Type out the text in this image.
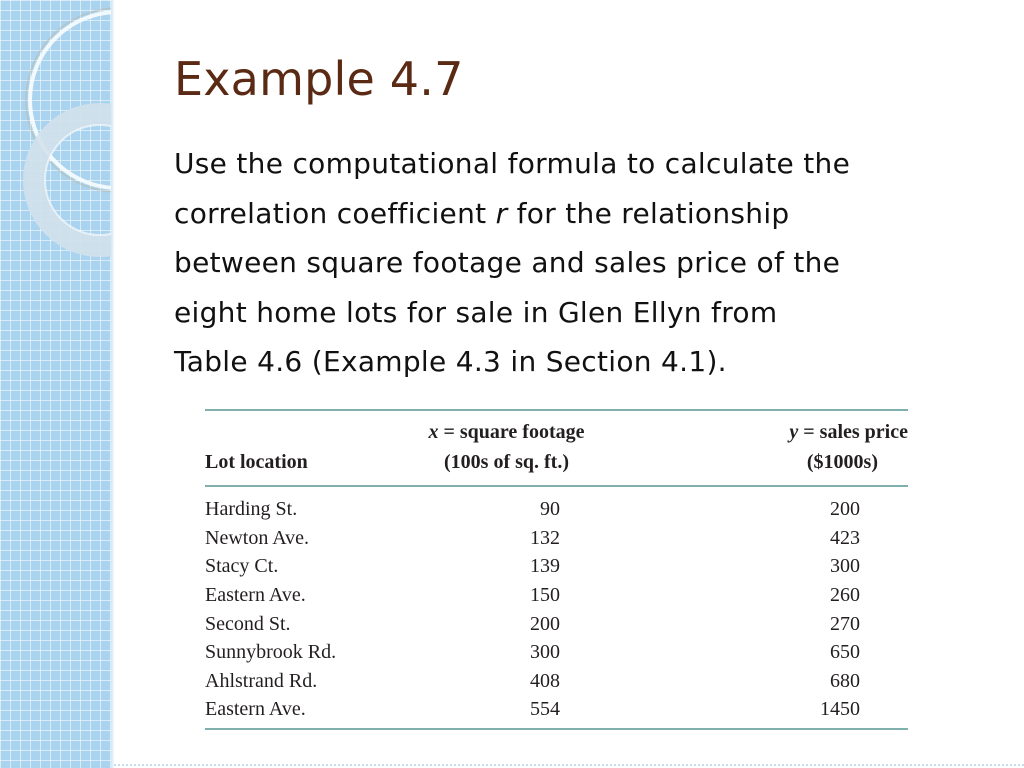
Example 4.7
Use the computational formula to calculate the
correlation coefficient r for the relationship
between square footage and sales price of the
eight home lots for sale in Glen Ellyn from
Table 4.6 (Example 4.3 in Section 4.1).
	x = square footage	y = sales price
Lot location	(100s of sq. ft.)	($1000s)
Harding St.	90	200
Newton Ave.	132	423
Stacy Ct.	139	300
Eastern Ave.	150	260
Second St.	200	270
Sunnybrook Rd.	300	650
Ahlstrand Rd.	408	680
Eastern Ave.	554	1450
